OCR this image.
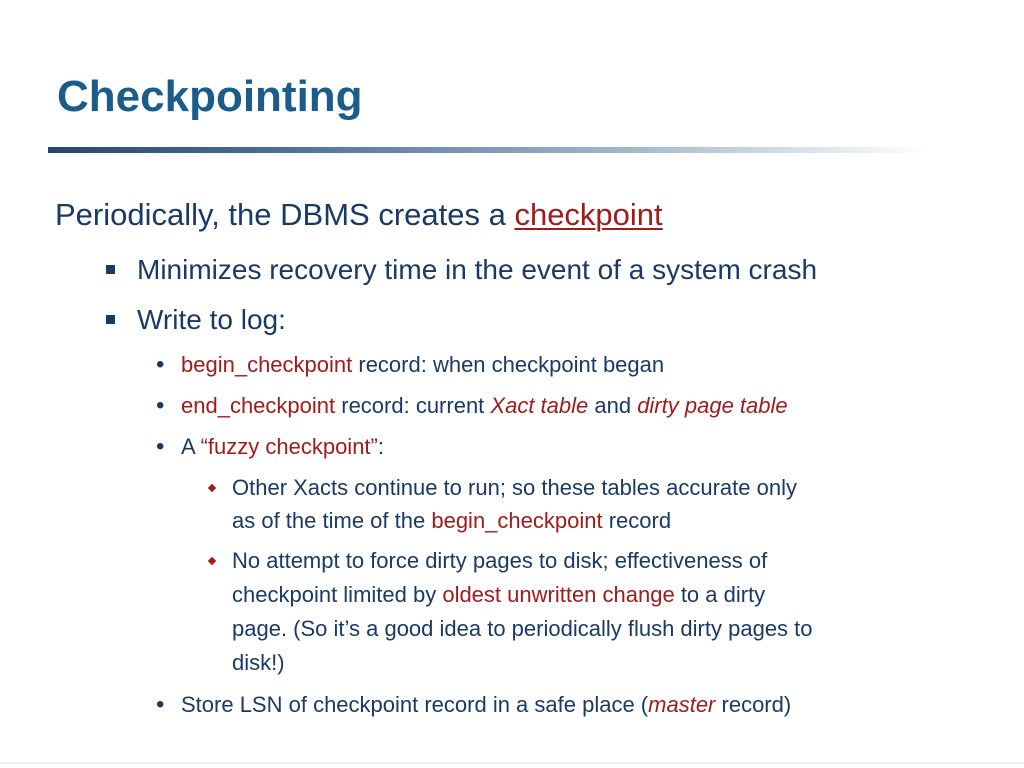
Checkpointing
Periodically, the DBMS creates a checkpoint
Minimizes recovery time in the event of a system crash
Write to log:
• begin_checkpoint record: when checkpoint began
• end_checkpoint record: current Xact table and dirty page table
• A “fuzzy checkpoint”:
Other Xacts continue to run; so these tables accurate only
as of the time of the begin_checkpoint record
No attempt to force dirty pages to disk; effectiveness of
checkpoint limited by oldest unwritten change to a dirty
page. (So it’s a good idea to periodically flush dirty pages to
disk!)
• Store LSN of checkpoint record in a safe place (master record)
